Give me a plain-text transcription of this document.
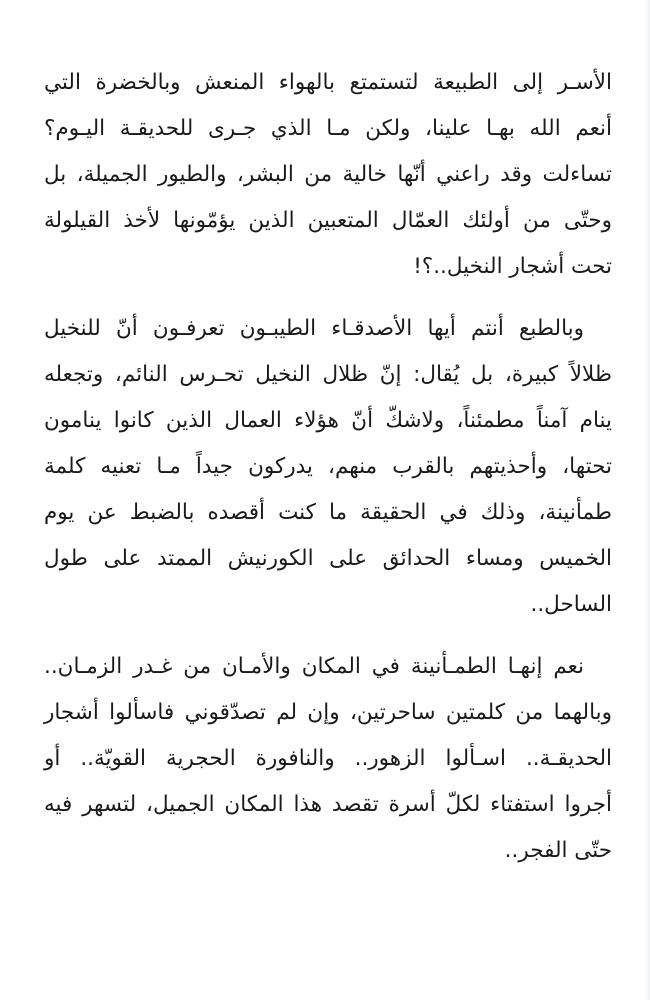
الأسـر إلى الطبيعة لتستمتع بالهواء المنعش وبالخضرة التي
أنعم الله بهـا علينا، ولكن مـا الذي جـرى للحديقـة اليـوم؟
تساءلت وقد راعني أنّها خالية من البشر، والطيور الجميلة، بل
وحتّى من أولئك العمّال المتعبين الذين يؤمّونها لأخذ القيلولة
تحت أشجار النخيل..؟!

وبالطبع أنتم أيها الأصدقـاء الطيبـون تعرفـون أنّ للنخيل
ظلالاً كبيرة، بل يُقال: إنّ ظلال النخيل تحـرس النائم، وتجعله
ينام آمناً مطمئناً، ولاشكّ أنّ هؤلاء العمال الذين كانوا ينامون
تحتها، وأحذيتهم بالقرب منهم، يدركون جيداً مـا تعنيه كلمة
طمأنينة، وذلك في الحقيقة ما كنت أقصده بالضبط عن يوم
الخميس ومساء الحدائق على الكورنيش الممتد على طول
الساحل..

نعم إنهـا الطمـأنينة في المكان والأمـان من غـدر الزمـان..
وبالهما من كلمتين ساحرتين، وإن لم تصدّقوني فاسألوا أشجار
الحديقـة.. اسـألوا الزهور.. والنافورة الحجرية القويّة.. أو
أجروا استفتاء لكلّ أسرة تقصد هذا المكان الجميل، لتسهر فيه
حتّى الفجر..
